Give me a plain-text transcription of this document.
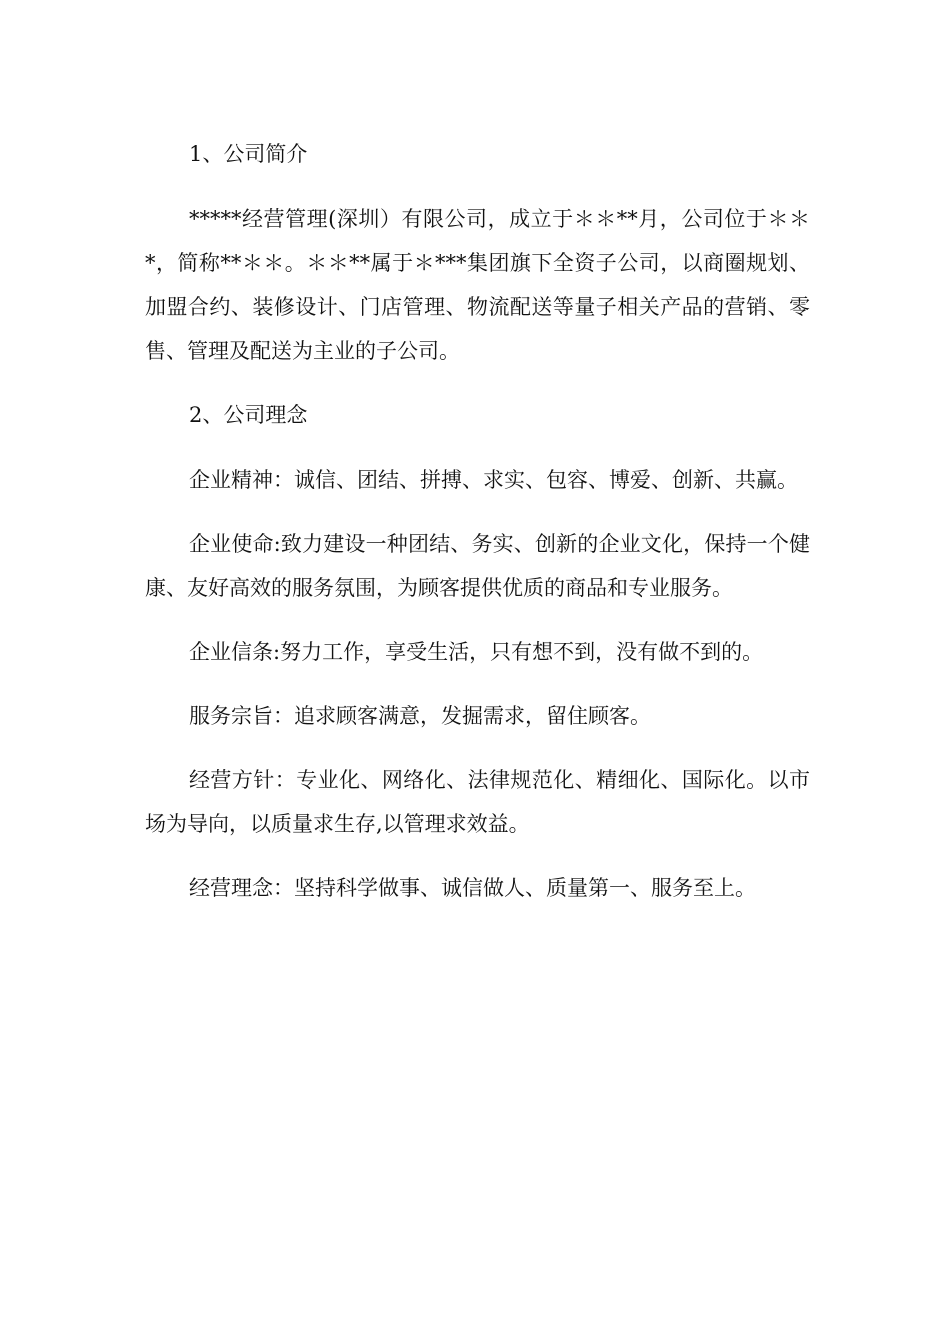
1、公司简介

*****经营管理(深圳）有限公司，成立于＊＊**月，公司位于＊＊*，简称**＊＊。＊＊**属于＊***集团旗下全资子公司，以商圈规划、加盟合约、装修设计、门店管理、物流配送等量子相关产品的营销、零售、管理及配送为主业的子公司。

2、公司理念

企业精神：诚信、团结、拼搏、求实、包容、博爱、创新、共赢。

企业使命:致力建设一种团结、务实、创新的企业文化，保持一个健康、友好高效的服务氛围，为顾客提供优质的商品和专业服务。

企业信条:努力工作，享受生活，只有想不到，没有做不到的。

服务宗旨：追求顾客满意，发掘需求，留住顾客。

经营方针：专业化、网络化、法律规范化、精细化、国际化。以市场为导向，以质量求生存,以管理求效益。

经营理念：坚持科学做事、诚信做人、质量第一、服务至上。
